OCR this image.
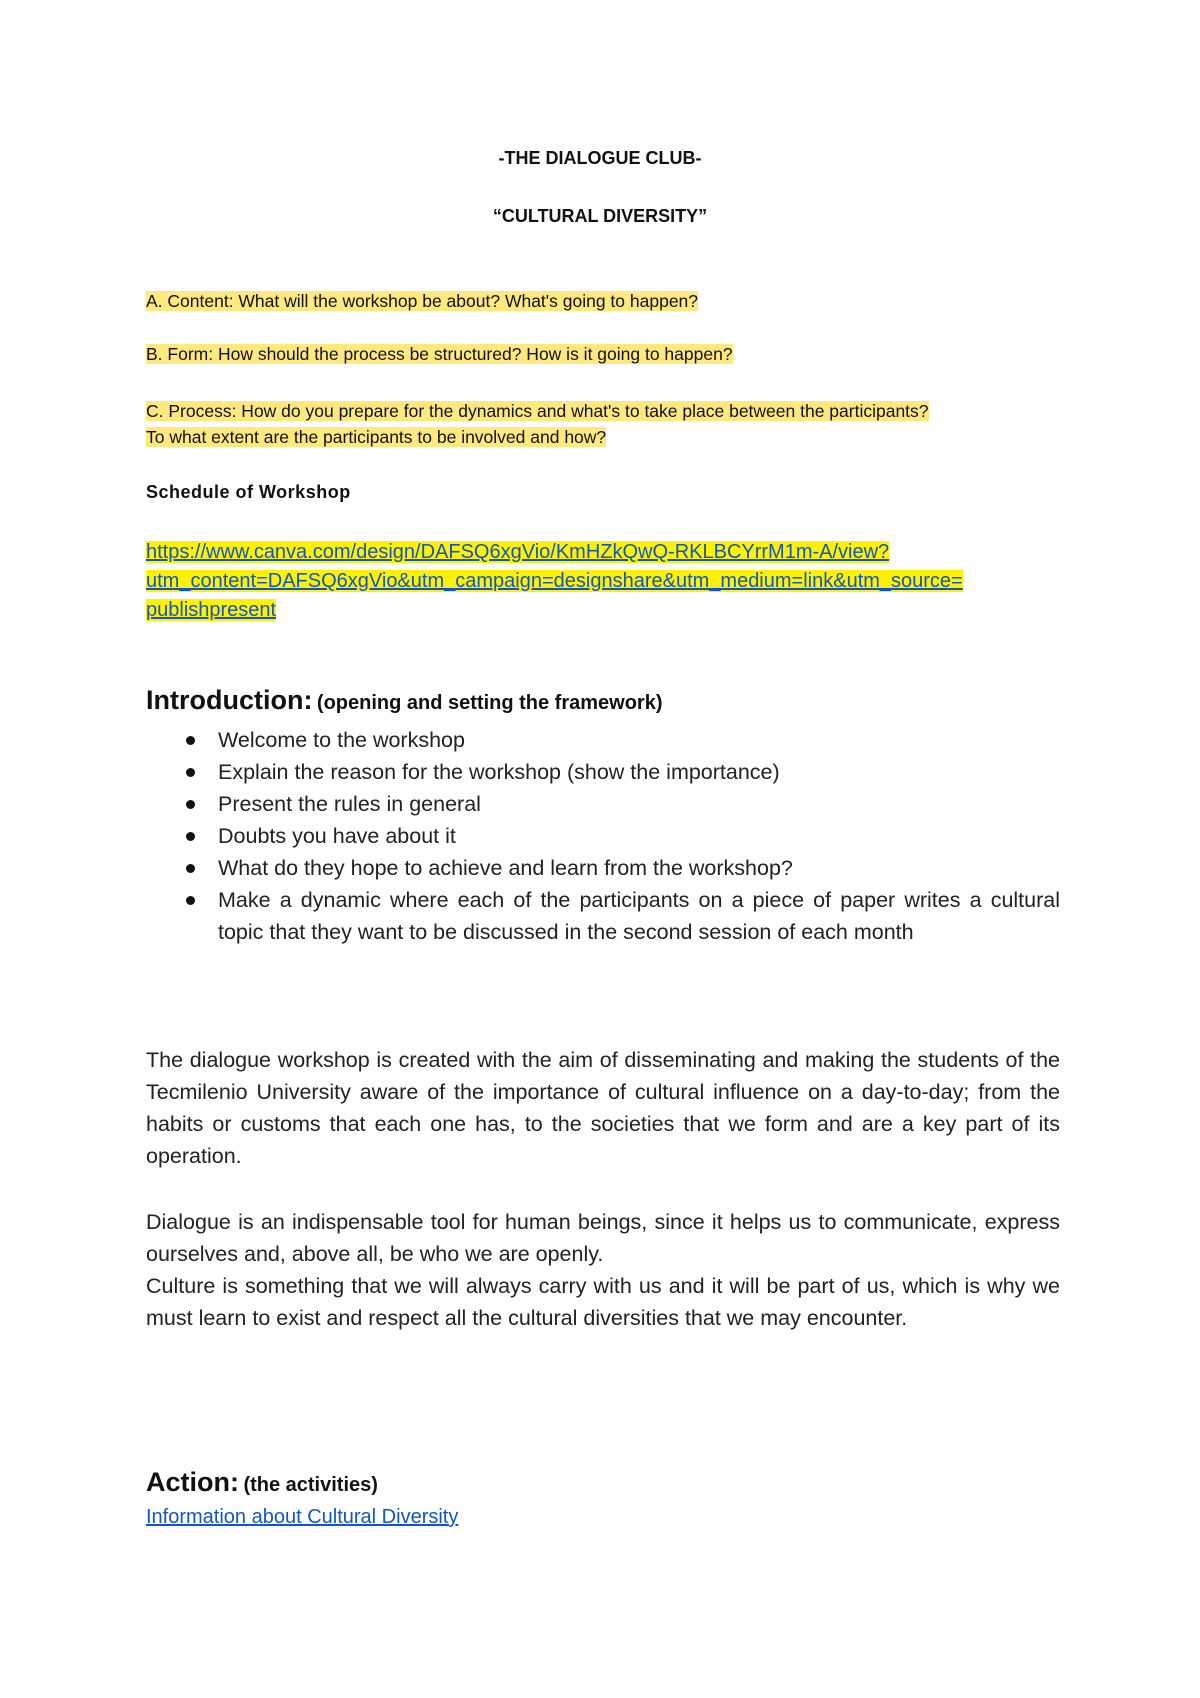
-THE DIALOGUE CLUB-
“CULTURAL DIVERSITY”
A. Content: What will the workshop be about? What's going to happen?
B. Form: How should the process be structured? How is it going to happen?
C. Process: How do you prepare for the dynamics and what's to take place between the participants?
To what extent are the participants to be involved and how?
Schedule of Workshop
https://www.canva.com/design/DAFSQ6xgVio/KmHZkQwQ-RKLBCYrrM1m-A/view?
utm_content=DAFSQ6xgVio&utm_campaign=designshare&utm_medium=link&utm_source=
publishpresent
Introduction: (opening and setting the framework)
Welcome to the workshop
Explain the reason for the workshop (show the importance)
Present the rules in general
Doubts you have about it
What do they hope to achieve and learn from the workshop?
Make a dynamic where each of the participants on a piece of paper writes a cultural topic that they want to be discussed in the second session of each month
The dialogue workshop is created with the aim of disseminating and making the students of the Tecmilenio University aware of the importance of cultural influence on a day-to-day; from the habits or customs that each one has, to the societies that we form and are a key part of its operation.
Dialogue is an indispensable tool for human beings, since it helps us to communicate, express ourselves and, above all, be who we are openly.
Culture is something that we will always carry with us and it will be part of us, which is why we must learn to exist and respect all the cultural diversities that we may encounter.
Action: (the activities)
Information about Cultural Diversity
